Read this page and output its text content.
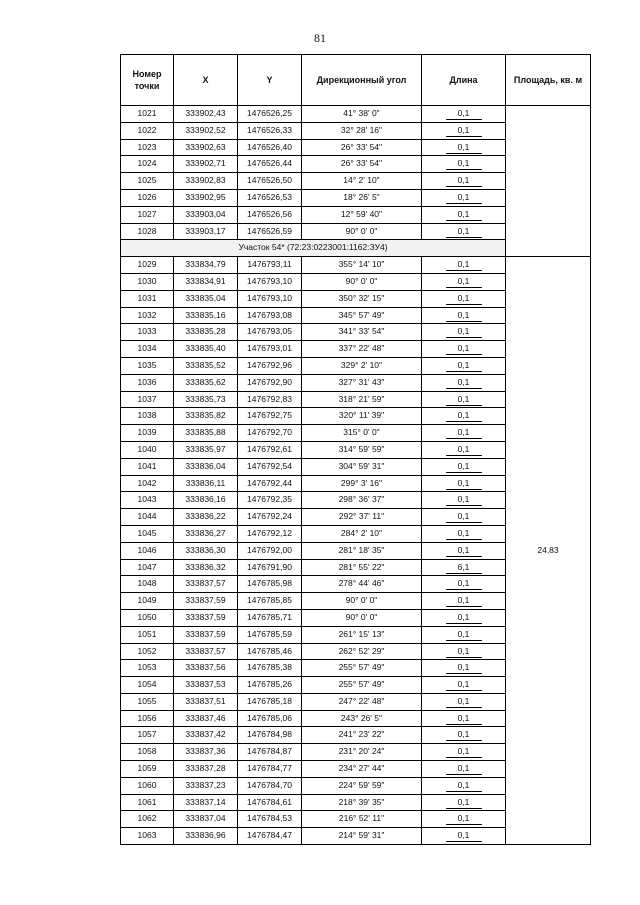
81
Номер точки	X	Y	Дирекционный угол	Длина	Площадь, кв. м
1021	333902,43	1476526,25	41° 38' 0"	0,1	
1022	333902,52	1476526,33	32° 28' 16"	0,1	
1023	333902,63	1476526,40	26° 33' 54"	0,1	
1024	333902,71	1476526,44	26° 33' 54"	0,1	
1025	333902,83	1476526,50	14° 2' 10"	0,1	
1026	333902,95	1476526,53	18° 26' 5"	0,1	
1027	333903,04	1476526,56	12° 59' 40"	0,1	
1028	333903,17	1476526,59	90° 0' 0"	0,1	
Участок 54* (72:23:0223001:1162:ЗУ4)					
1029	333834,79	1476793,11	355° 14' 10"	0,1	24,83
1030	333834,91	1476793,10	90° 0' 0"	0,1	
1031	333835,04	1476793,10	350° 32' 15"	0,1	
1032	333835,16	1476793,08	345° 57' 49"	0,1	
1033	333835,28	1476793,05	341° 33' 54"	0,1	
1034	333835,40	1476793,01	337° 22' 48"	0,1	
1035	333835,52	1476792,96	329° 2' 10"	0,1	
1036	333835,62	1476792,90	327° 31' 43"	0,1	
1037	333835,73	1476792,83	318° 21' 59"	0,1	
1038	333835,82	1476792,75	320° 11' 39"	0,1	
1039	333835,88	1476792,70	315° 0' 0"	0,1	
1040	333835,97	1476792,61	314° 59' 59"	0,1	
1041	333836,04	1476792,54	304° 59' 31"	0,1	
1042	333836,11	1476792,44	299° 3' 16"	0,1	
1043	333836,16	1476792,35	298° 36' 37"	0,1	
1044	333836,22	1476792,24	292° 37' 11"	0,1	
1045	333836,27	1476792,12	284° 2' 10"	0,1	
1046	333836,30	1476792,00	281° 18' 35"	0,1	
1047	333836,32	1476791,90	281° 55' 22"	6,1	
1048	333837,57	1476785,98	278° 44' 46"	0,1	
1049	333837,59	1476785,85	90° 0' 0"	0,1	
1050	333837,59	1476785,71	90° 0' 0"	0,1	
1051	333837,59	1476785,59	261° 15' 13"	0,1	
1052	333837,57	1476785,46	262° 52' 29"	0,1	
1053	333837,56	1476785,38	255° 57' 49"	0,1	
1054	333837,53	1476785,26	255° 57' 49"	0,1	
1055	333837,51	1476785,18	247° 22' 48"	0,1	
1056	333837,46	1476785,06	243° 26' 5"	0,1	
1057	333837,42	1476784,98	241° 23' 22"	0,1	
1058	333837,36	1476784,87	231° 20' 24"	0,1	
1059	333837,28	1476784,77	234° 27' 44"	0,1	
1060	333837,23	1476784,70	224° 59' 59"	0,1	
1061	333837,14	1476784,61	218° 39' 35"	0,1	
1062	333837,04	1476784,53	216° 52' 11"	0,1	
1063	333836,96	1476784,47	214° 59' 31"	0,1	
